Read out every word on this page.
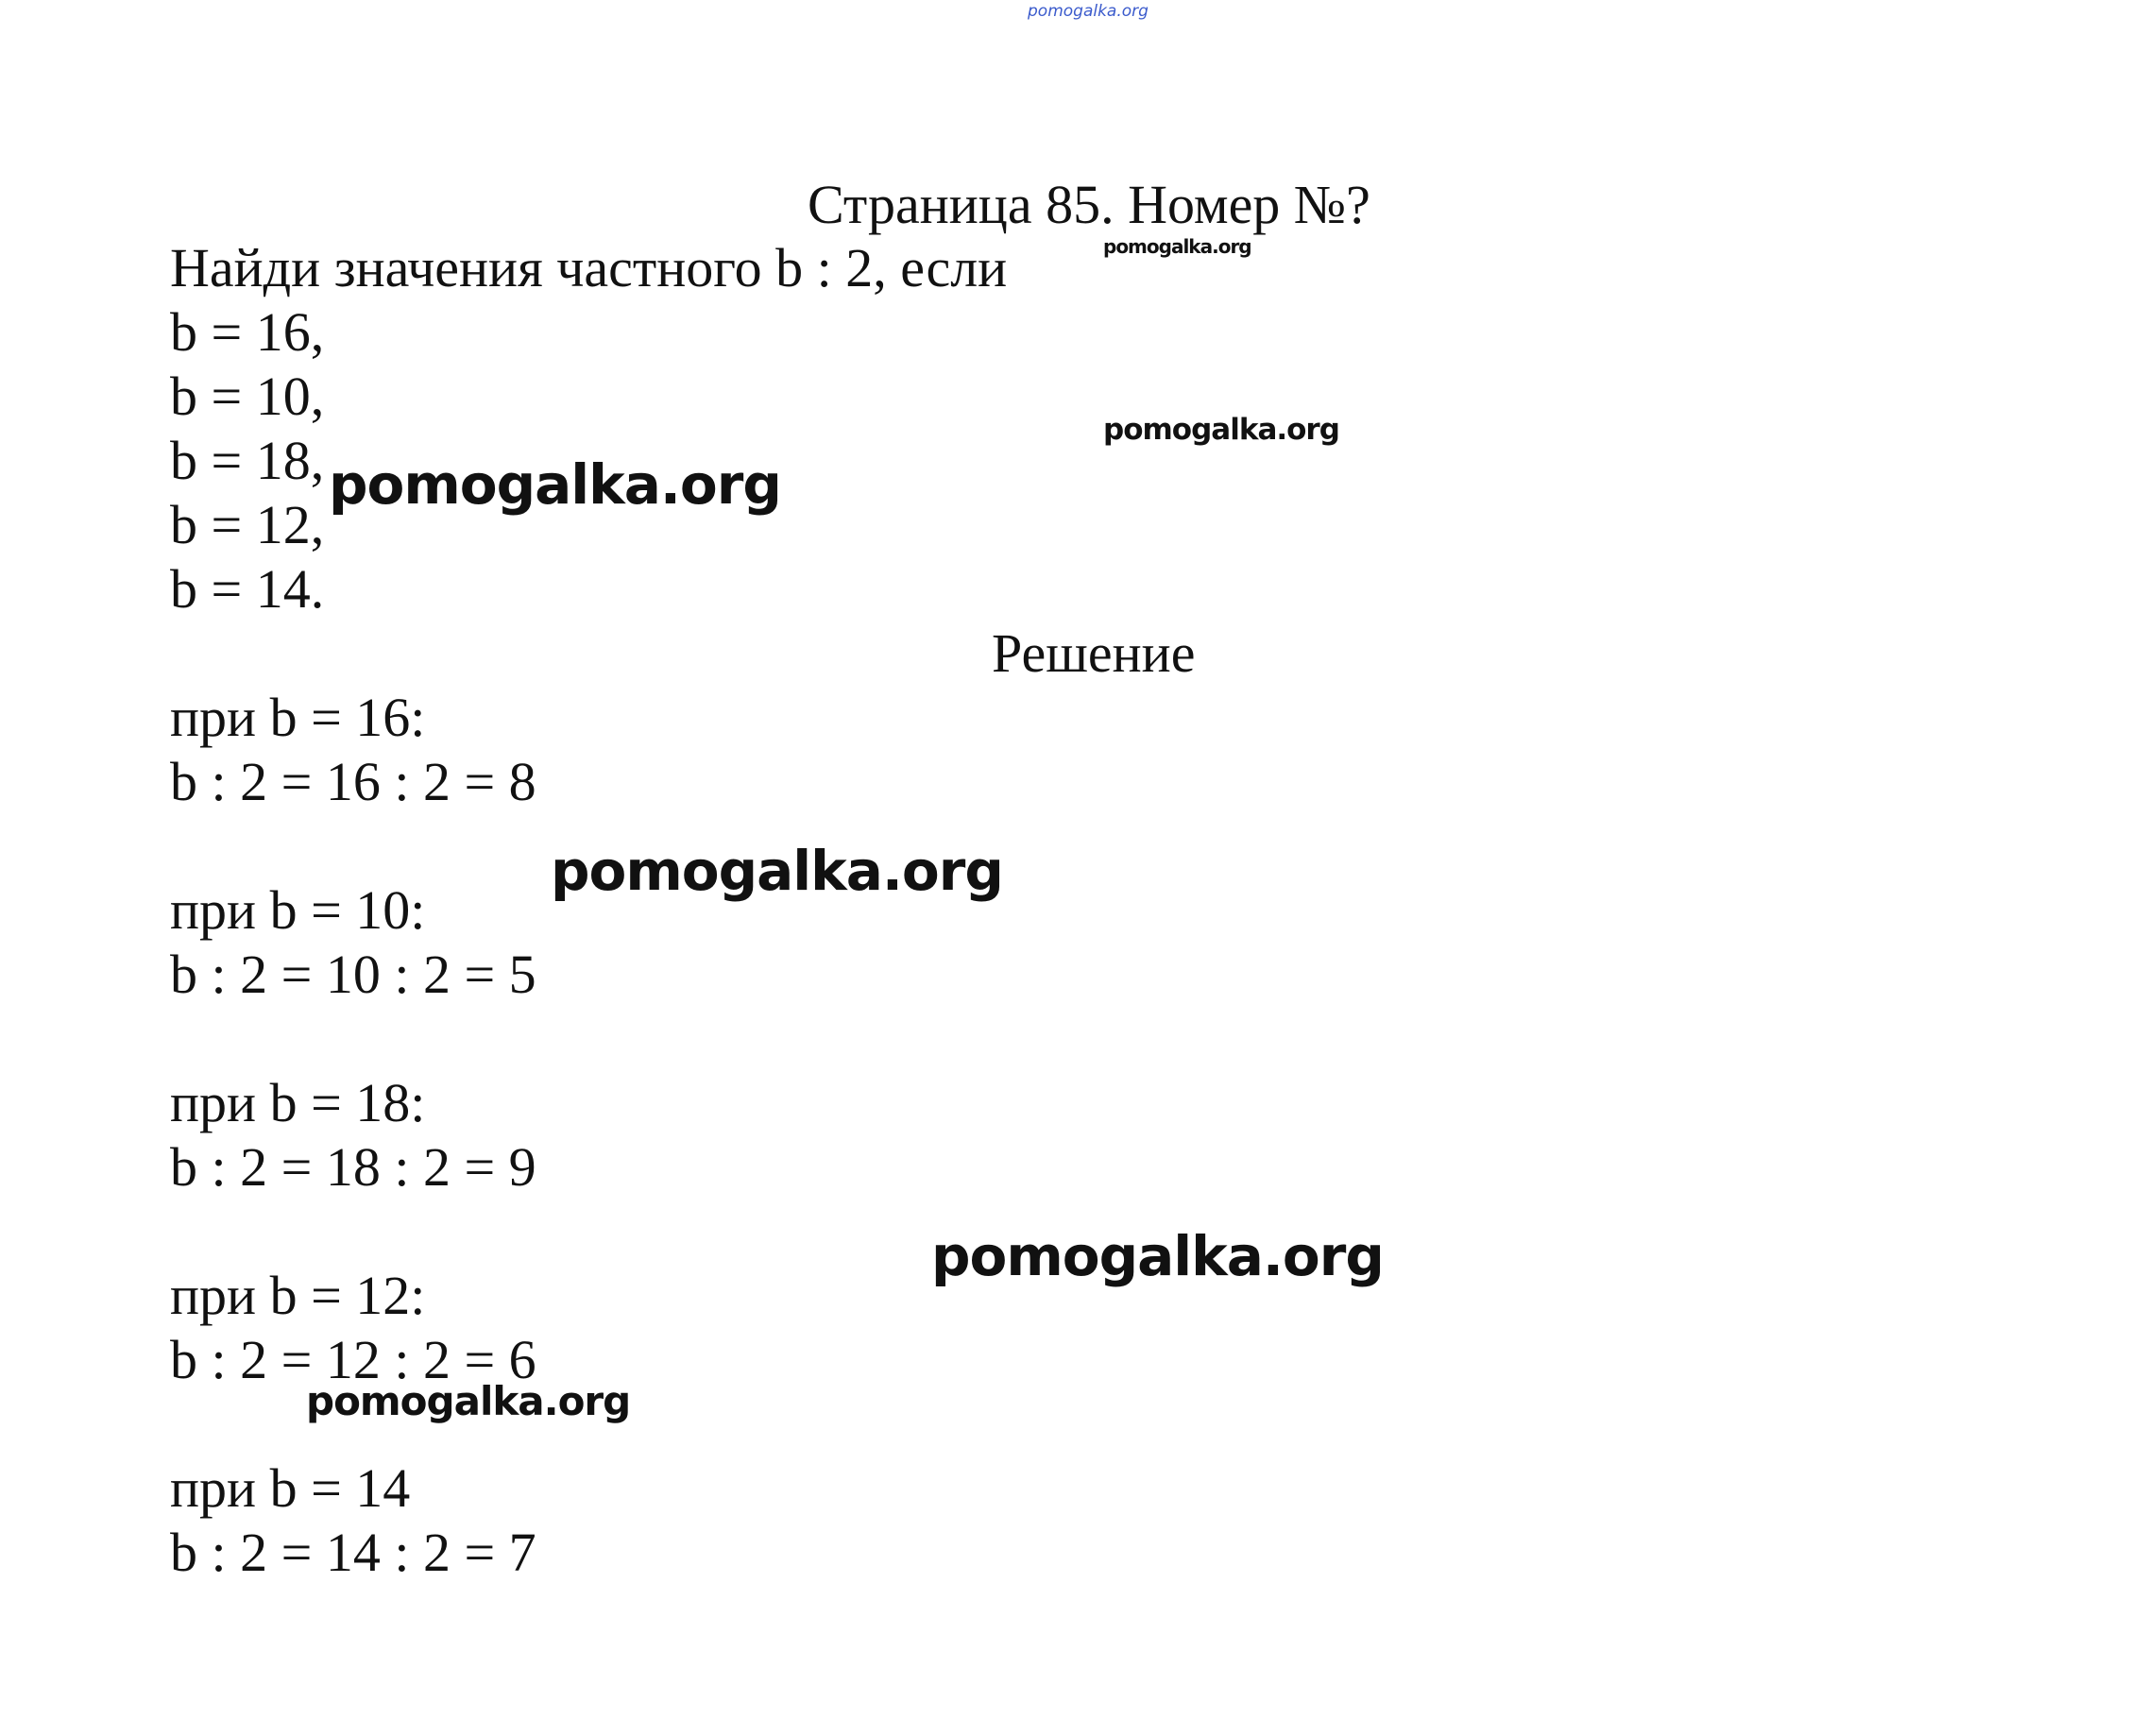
pomogalka.org
Страница 85. Номер №?
Найди значения частного b : 2, если
b = 16,
b = 10,
b = 18,
b = 12,
b = 14.
Решение
при b = 16:
b : 2 = 16 : 2 = 8
при b = 10:
b : 2 = 10 : 2 = 5
при b = 18:
b : 2 = 18 : 2 = 9
при b = 12:
b : 2 = 12 : 2 = 6
при b = 14
b : 2 = 14 : 2 = 7
pomogalka.org
pomogalka.org
pomogalka.org
pomogalka.org
pomogalka.org
pomogalka.org
